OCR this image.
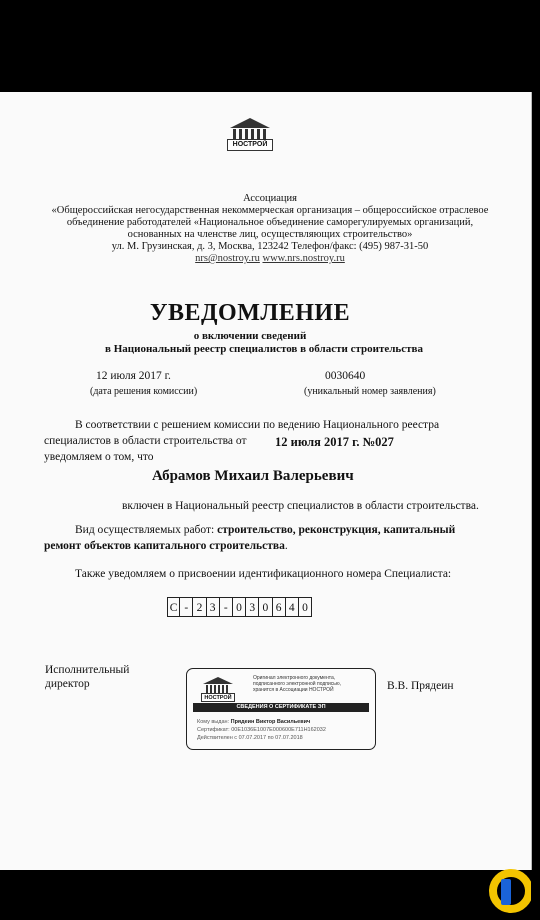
НОСТРОЙ
Ассоциация
«Общероссийская негосударственная некоммерческая организация – общероссийское отраслевое
объединение работодателей «Национальное объединение саморегулируемых организаций,
основанных на членстве лиц, осуществляющих строительство»
ул. М. Грузинская, д. 3, Москва, 123242 Телефон/факс: (495) 987-31-50
nrs@nostroy.ru www.nrs.nostroy.ru
УВЕДОМЛЕНИЕ
о включении сведений
в Национальный реестр специалистов в области строительства
12 июля 2017 г.
(дата решения комиссии)
0030640
(уникальный номер заявления)
В соответствии с решением комиссии по ведению Национального реестра
специалистов в области строительства от 12 июля 2017 г. №027
уведомляем о том, что
Абрамов Михаил Валерьевич
включен в Национальный реестр специалистов в области строительства.
Вид осуществляемых работ: строительство, реконструкция, капитальный
ремонт объектов капитального строительства.
Также уведомляем о присвоении идентификационного номера Специалиста:
С - 2 3 - 0 3 0 6 4 0
Исполнительный
директор	В.В. Прядеин
НОСТРОЙ
Оригинал электронного документа,
подписанного электронной подписью,
хранится в Ассоциации НОСТРОЙ
СВЕДЕНИЯ О СЕРТИФИКАТЕ ЭП
Кому выдан: Прядеин Виктор Васильевич
Сертификат: 00E1036E1007E000600E711H162032
Действителен с 07.07.2017 по 07.07.2018
